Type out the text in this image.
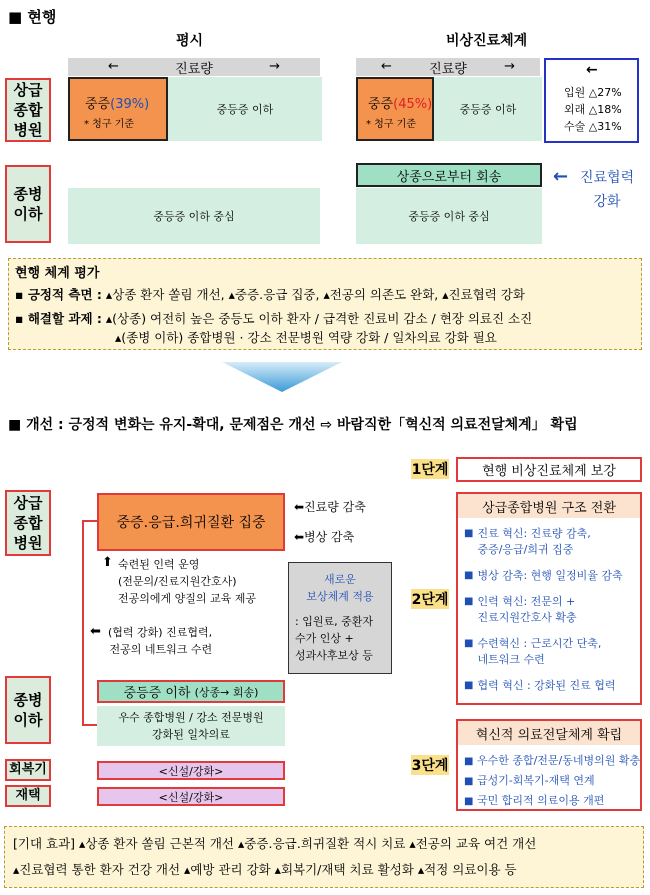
■ 현행
평시	비상진료체계
상급
종합
병원
종병
이하
←	진료량	→
중증(39%)
* 청구 기준
중등증 이하
중등증 이하 중심
←	진료량	→
중증(45%)
* 청구 기준
중등증 이하
←
입원 △27%
외래 △18%
수술 △31%
상종으로부터 회송
중등증 이하 중심
← 진료협력
강화
현행 체계 평가
▪ 긍정적 측면 : ▴상종 환자 쏠림 개선, ▴중증․응급 집중, ▴전공의 의존도 완화, ▴진료협력 강화
▪ 해결할 과제 : ▴(상종) 여전히 높은 중등도 이하 환자 / 급격한 진료비 감소 / 현장 의료진 소진
▴(종병 이하) 종합병원 · 강소 전문병원 역량 강화 / 일차의료 강화 필요
■ 개선 : 긍정적 변화는 유지-확대, 문제점은 개선 ⇨ 바람직한「혁신적 의료전달체계」 확립
상급
종합
병원
종병
이하
회복기
재택
중증․응급․희귀질환 집중
⬅진료량 감축
⬅병상 감축
⬆ 숙련된 인력 운영
(전문의/진료지원간호사)
전공의에게 양질의 교육 제공
⬅ (협력 강화) 진료협력,
전공의 네트워크 수련
새로운
보상체계 적용
: 입원료, 중환자
수가 인상 +
성과사후보상 등
중등증 이하
(상종→ 회송)
우수 종합병원 / 강소 전문병원
강화된 일차의료
<신설/강화>
<신설/강화>
1단계	현행 비상진료체계 보강
2단계
상급종합병원 구조 전환
■ 진료 혁신: 진료량 감축,
중증/응급/희귀 집중
■ 병상 감축: 현행 일정비율 감축
■ 인력 혁신: 전문의 +
진료지원간호사 확충
■ 수련혁신 : 근로시간 단축,
네트워크 수련
■ 협력 혁신 : 강화된 진료 협력
3단계
혁신적 의료전달체계 확립
■ 우수한 종합/전문/동네병의원 확충
■ 급성기-회복기-재택 연계
■ 국민 합리적 의료이용 개편
[기대 효과] ▴상종 환자 쏠림 근본적 개선 ▴중증․응급․희귀질환 적시 치료 ▴전공의 교육 여건 개선
▴진료협력 통한 환자 건강 개선 ▴예방 관리 강화 ▴회복기/재택 치료 활성화 ▴적정 의료이용 등
